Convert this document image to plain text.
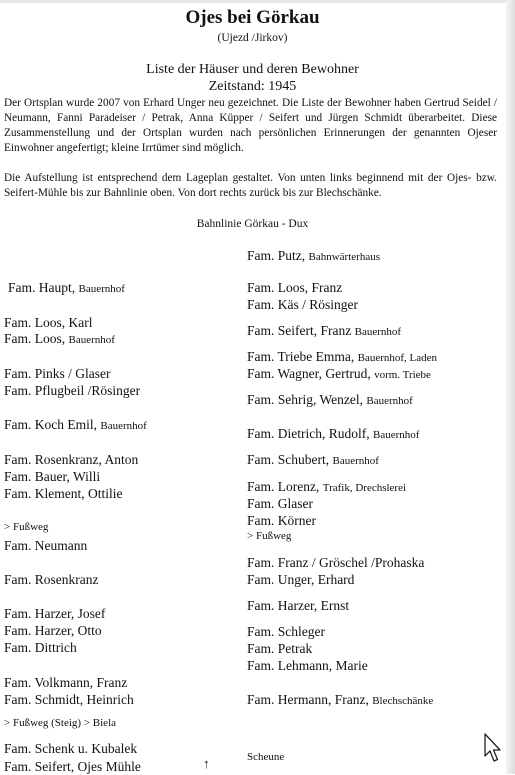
Ojes bei Görkau
(Ujezd /Jirkov)
Liste der Häuser und deren Bewohner
Zeitstand: 1945
Der Ortsplan wurde 2007 von Erhard Unger neu gezeichnet. Die Liste der Bewohner haben Gertrud Seidel / Neumann, Fanni Paradeiser / Petrak, Anna Küpper / Seifert und Jürgen Schmidt überarbeitet. Diese Zusammenstellung und der Ortsplan wurden nach persönlichen Erinnerungen der genannten Ojeser Einwohner angefertigt; kleine Irrtümer sind möglich.
Die Aufstellung ist entsprechend dem Lageplan gestaltet. Von unten links beginnend mit der Ojes- bzw. Seifert-Mühle bis zur Bahnlinie oben. Von dort rechts zurück bis zur Blechschänke.
Bahnlinie Görkau - Dux
Fam. Haupt, Bauernhof
Fam. Loos, Karl
Fam. Loos, Bauernhof
Fam. Pinks / Glaser
Fam. Pflugbeil /Rösinger
Fam. Koch Emil, Bauernhof
Fam. Rosenkranz, Anton
Fam. Bauer, Willi
Fam. Klement, Ottilie
> Fußweg
Fam. Neumann
Fam. Rosenkranz
Fam. Harzer, Josef
Fam. Harzer, Otto
Fam. Dittrich
Fam. Volkmann, Franz
Fam. Schmidt, Heinrich
> Fußweg (Steig) > Biela
Fam. Schenk u. Kubalek
Fam. Seifert, Ojes Mühle	↑
Fam. Putz, Bahnwärterhaus
Fam. Loos, Franz
Fam. Käs / Rösinger
Fam. Seifert, Franz Bauernhof
Fam. Triebe Emma, Bauernhof, Laden
Fam. Wagner, Gertrud, vorm. Triebe
Fam. Sehrig, Wenzel, Bauernhof
Fam. Dietrich, Rudolf, Bauernhof
Fam. Schubert, Bauernhof
Fam. Lorenz, Trafik, Drechslerei
Fam. Glaser
Fam. Körner
> Fußweg
Fam. Franz / Gröschel /Prohaska
Fam. Unger, Erhard
Fam. Harzer, Ernst
Fam. Schleger
Fam. Petrak
Fam. Lehmann, Marie
Fam. Hermann, Franz, Blechschänke
Scheune
